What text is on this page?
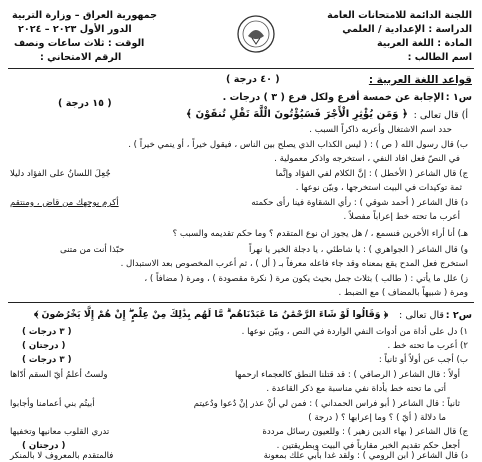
اللجنة الدائمة للامتحانات العامة
الدراسة : الإعدادية / العلمي
المادة : اللغة العربية
اسم الطالب :
جمهورية العراق – وزارة التربية
الدور الأول ٢٠٢٣ – ٢٠٢٤
الوقت : ثلاث ساعات ونصف
الرقم الامتحاني :
قواعد اللغة العربية :
( ٤٠ درجة )
س١ :
الإجابة عن خمسة أفرع ولكل فرع ( ٣ ) درجات .
( ١٥ درجة )
أ) قال تعالى :
﴿ وَمَن يُؤْثِرِ الْأَجْرَ فَسَيُؤْتُونَ الْلَّهَ تَقْلِ تُنقَوْنَ ﴾
حدد اسم الاشتغال وأعربه ذاكراً السبب .
ب) قال رسول الله ( ص ) : ( ليس الكذاب الذي يصلح بين الناس ، فيقول خيراً ، أو ينمي خيراً ) .
في النصّ فعل افاد النفي ، استخرجه واذكر معمولية .
ج) قال الشاعر ( الأخطل ) : إنَّ الكلام لفي الفؤاد وإنَّما
جُعِلَ اللسانُ على الفؤاد دليلا
ثمة توكيدات في البيت استخرجها ، وبيّن نوعها .
د) قال الشاعر ( أحمد شوقي ) : رأي الشقاوة فينا رأى حكمته
أكرم بوجهك من قاض ، ومنتقم
أعرب ما تحته خط إعراباً مفصلاً .
هـ) أنا أراء الأخرين فنسمع ، / هل يجوز ان نوع المتقدم ؟ وما حكم تقديمه والسبب ؟
و) قال الشاعر ( الجواهري ) : يا شاطئي ، يا دجلة الخير يا نهراً
حبّذا أنت من متنى
استخرج فعل المدح يقع بمعناه وقد جاء فاعله معرفاً بـ ( أل ) ، ثم أعرب المخصوص بعد الاستبدال .
ز) علل ما يأتي : ( طالب ) بثلاث جمل بحيث يكون مرة ( نكرة مقصودة ) ، ومرة ( مضافاً ) ،
ومرة ( شبيهاً بالمضاف ) مع الضبط .
س٢ :
قال تعالى :
﴿ وَقَالُوا لَوْ شَاءَ الرَّحْمَٰنُ مَا عَبَدْنَاهُم ۗ مَّا لَهُم بِذَٰلِكَ مِنْ عِلْمٍ ۖ إِنْ هُمْ إِلَّا يَخْرُصُونَ ﴾
١) دل على أداة من أدوات النفي الواردة في النص ، وبيّن نوعها .
( ٣ درجات )
٢) أعرب ما تحته خط .
( درجتان )
ب) أجب عن أولاً أو ثانياً :
( ٣ درجات )
أولاً : قال الشاعر ( الرصافي ) : قد قتلنا النطق كالعجماء ارحمها
ولستُ أعلمُ أيّ السقم أدّاها
أتى ما تحته خط بأداة نفي مناسبة مع ذكر القاعدة .
ثانياً : قال الشاعر ( أبو فراس الحمداني ) : فمن لي أنْ عذر إنْ دُعوا ودُعيتم
أبيتُم بني أعمامنا وأجابوا
ما دلالة ( أيّ ) ؟ وما إعرابها ؟ ( درجة )
ج) قال الشاعر ( بهاء الدين زهير ) : وللعيون رسائل مرددة
تدري القلوب معانيها وتخفيها
أجعل حكم تقديم الخبر مقارباً في البيت وبطريقتين .
( درجتان )
د) قال الشاعر ( ابن الرومي ) : ولقد غدا بأبي علك بمعونة
فالمتقدم بالمعروف لا بالمنكر
